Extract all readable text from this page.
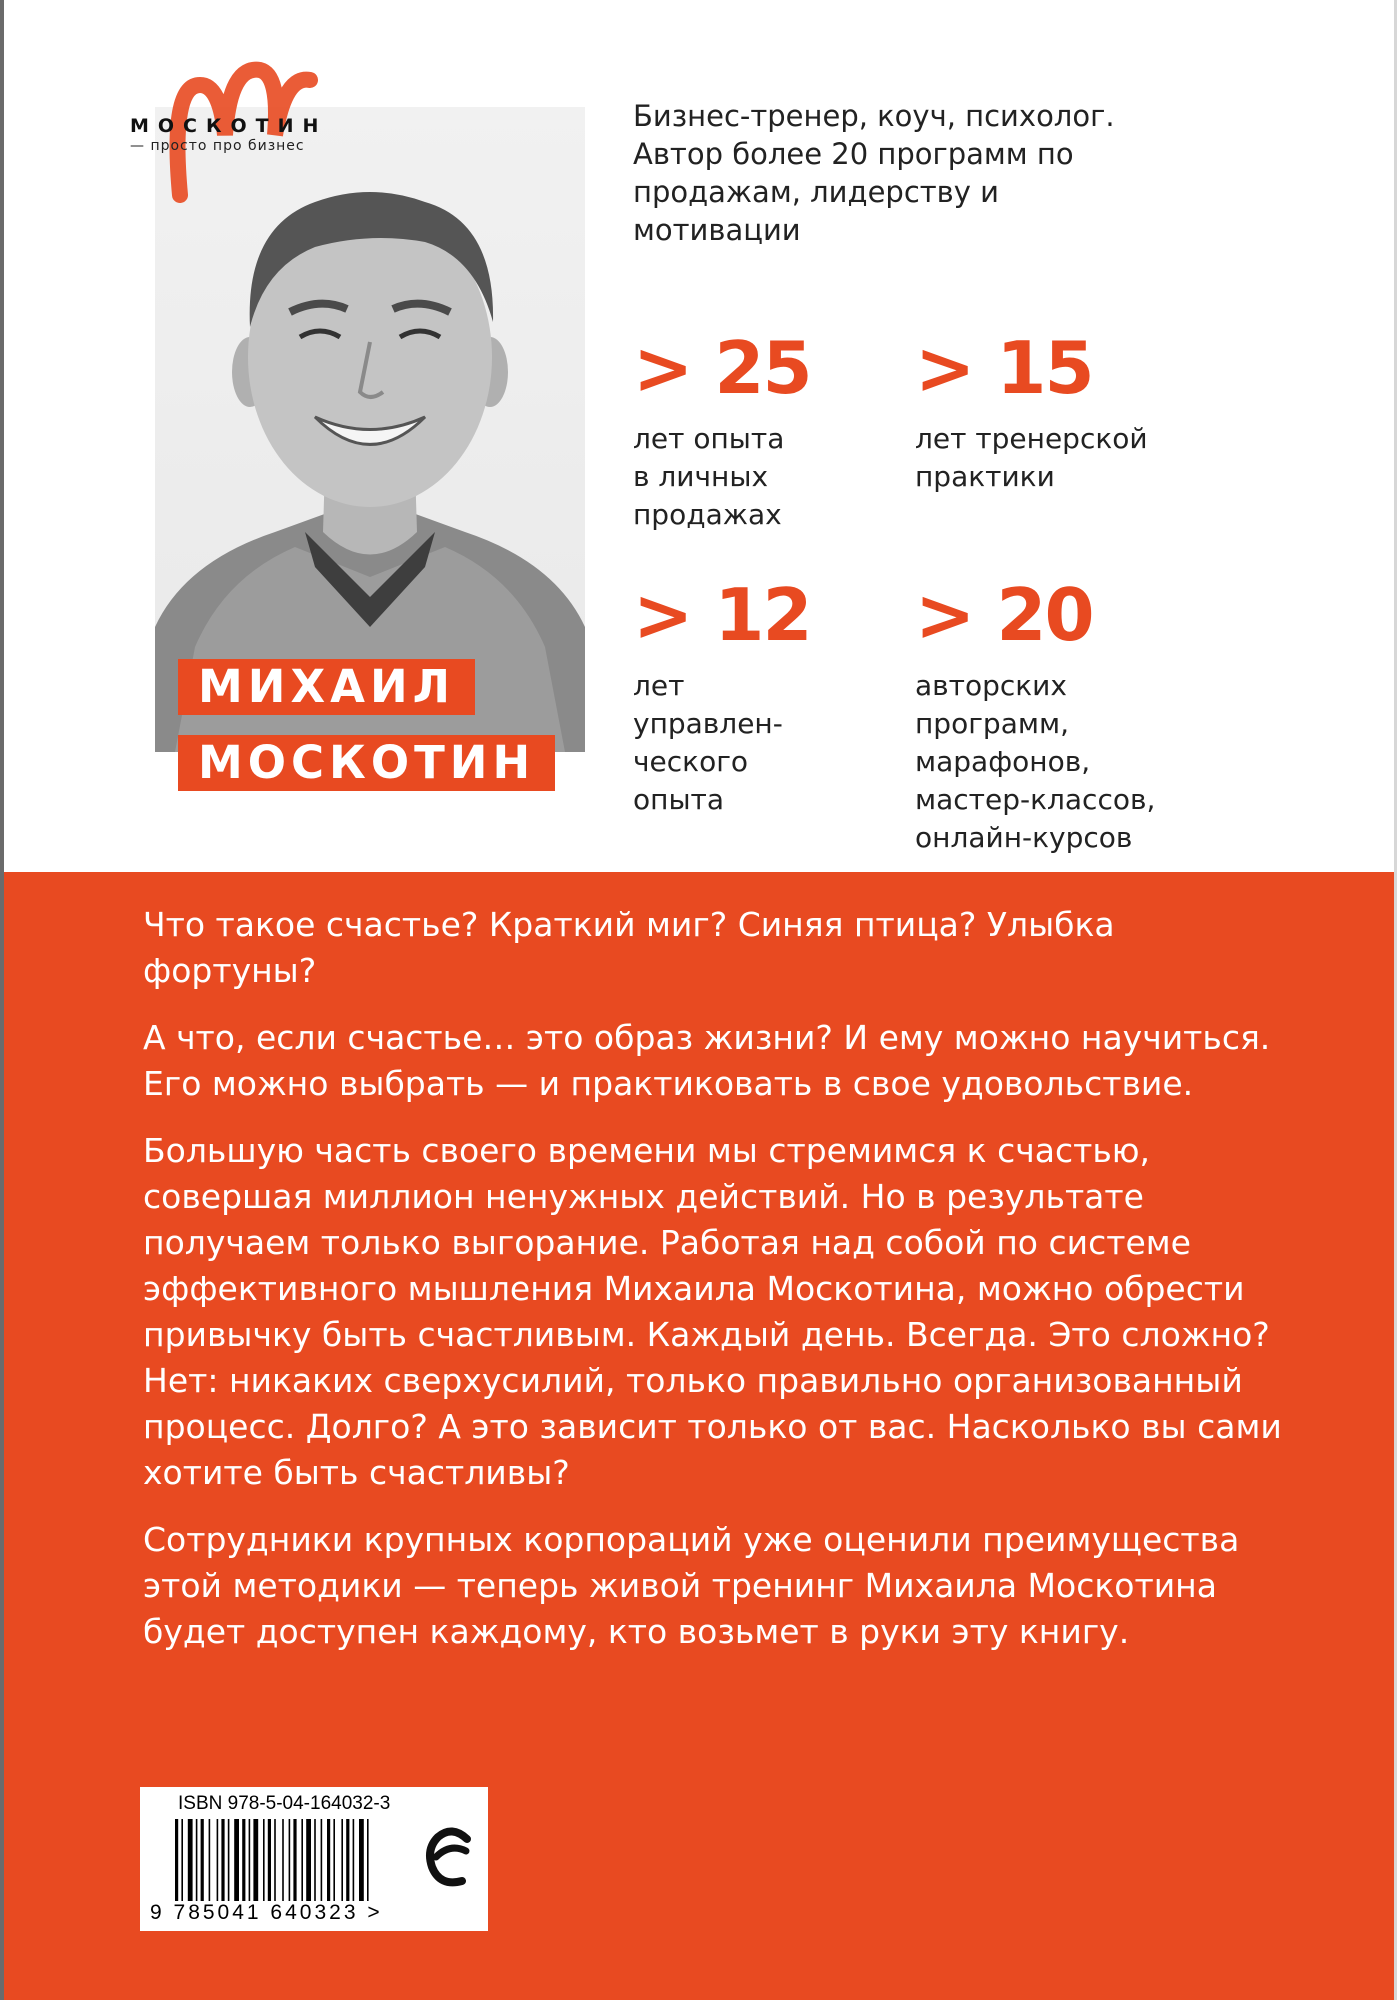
МОСКОТИН
— просто про бизнес
МИХАИЛ
МОСКОТИН
Бизнес-тренер, коуч, психолог. Автор более 20 программ по продажам, лидерству и мотивации
> 25
лет опыта
в личных
продажах
> 15
лет тренерской
практики
> 12
лет
управлен-
ческого
опыта
> 20
авторских
программ,
марафонов,
мастер-классов,
онлайн-курсов

Что такое счастье? Краткий миг? Синяя птица? Улыбка фортуны?

А что, если счастье… это образ жизни? И ему можно научиться. Его можно выбрать — и практиковать в свое удовольствие.

Большую часть своего времени мы стремимся к счастью, совершая миллион ненужных действий. Но в результате получаем только выгорание. Работая над собой по системе эффективного мышления Михаила Москотина, можно обрести привычку быть счастливым. Каждый день. Всегда. Это сложно? Нет: никаких сверхусилий, только правильно организованный процесс. Долго? А это зависит только от вас. Насколько вы сами хотите быть счастливы?

Сотрудники крупных корпораций уже оценили преимущества этой методики — теперь живой тренинг Михаила Москотина будет доступен каждому, кто возьмет в руки эту книгу.

ISBN 978-5-04-164032-3
9 785041 640323 >
